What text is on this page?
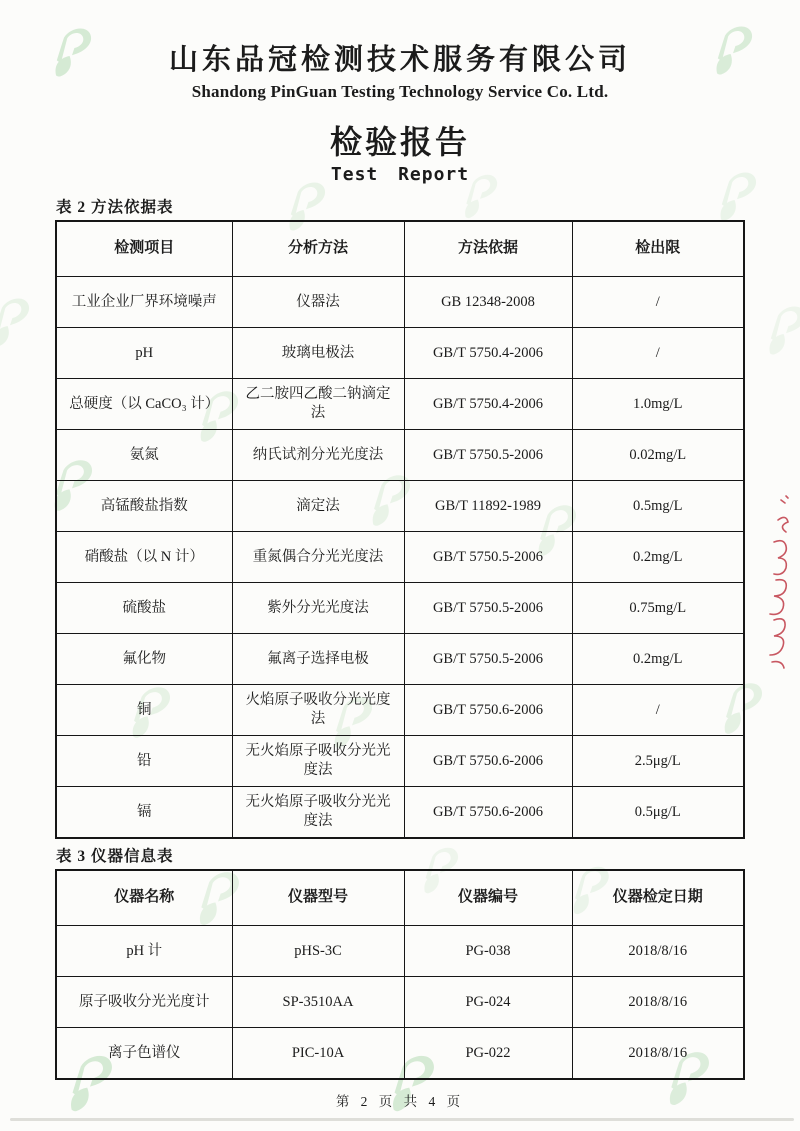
山东品冠检测技术服务有限公司
Shandong PinGuan Testing Technology Service Co. Ltd.
检验报告
Test Report
表 2 方法依据表
检测项目	分析方法	方法依据	检出限
工业企业厂界环境噪声	仪器法	GB 12348-2008	/
pH	玻璃电极法	GB/T 5750.4-2006	/
总硬度（以 CaCO₃ 计）	乙二胺四乙酸二钠滴定法	GB/T 5750.4-2006	1.0mg/L
氨氮	纳氏试剂分光光度法	GB/T 5750.5-2006	0.02mg/L
高锰酸盐指数	滴定法	GB/T 11892-1989	0.5mg/L
硝酸盐（以 N 计）	重氮偶合分光光度法	GB/T 5750.5-2006	0.2mg/L
硫酸盐	紫外分光光度法	GB/T 5750.5-2006	0.75mg/L
氟化物	氟离子选择电极	GB/T 5750.5-2006	0.2mg/L
铜	火焰原子吸收分光光度法	GB/T 5750.6-2006	/
铅	无火焰原子吸收分光光度法	GB/T 5750.6-2006	2.5μg/L
镉	无火焰原子吸收分光光度法	GB/T 5750.6-2006	0.5μg/L
表 3 仪器信息表
仪器名称	仪器型号	仪器编号	仪器检定日期
pH 计	pHS-3C	PG-038	2018/8/16
原子吸收分光光度计	SP-3510AA	PG-024	2018/8/16
离子色谱仪	PIC-10A	PG-022	2018/8/16
第 2 页 共 4 页
